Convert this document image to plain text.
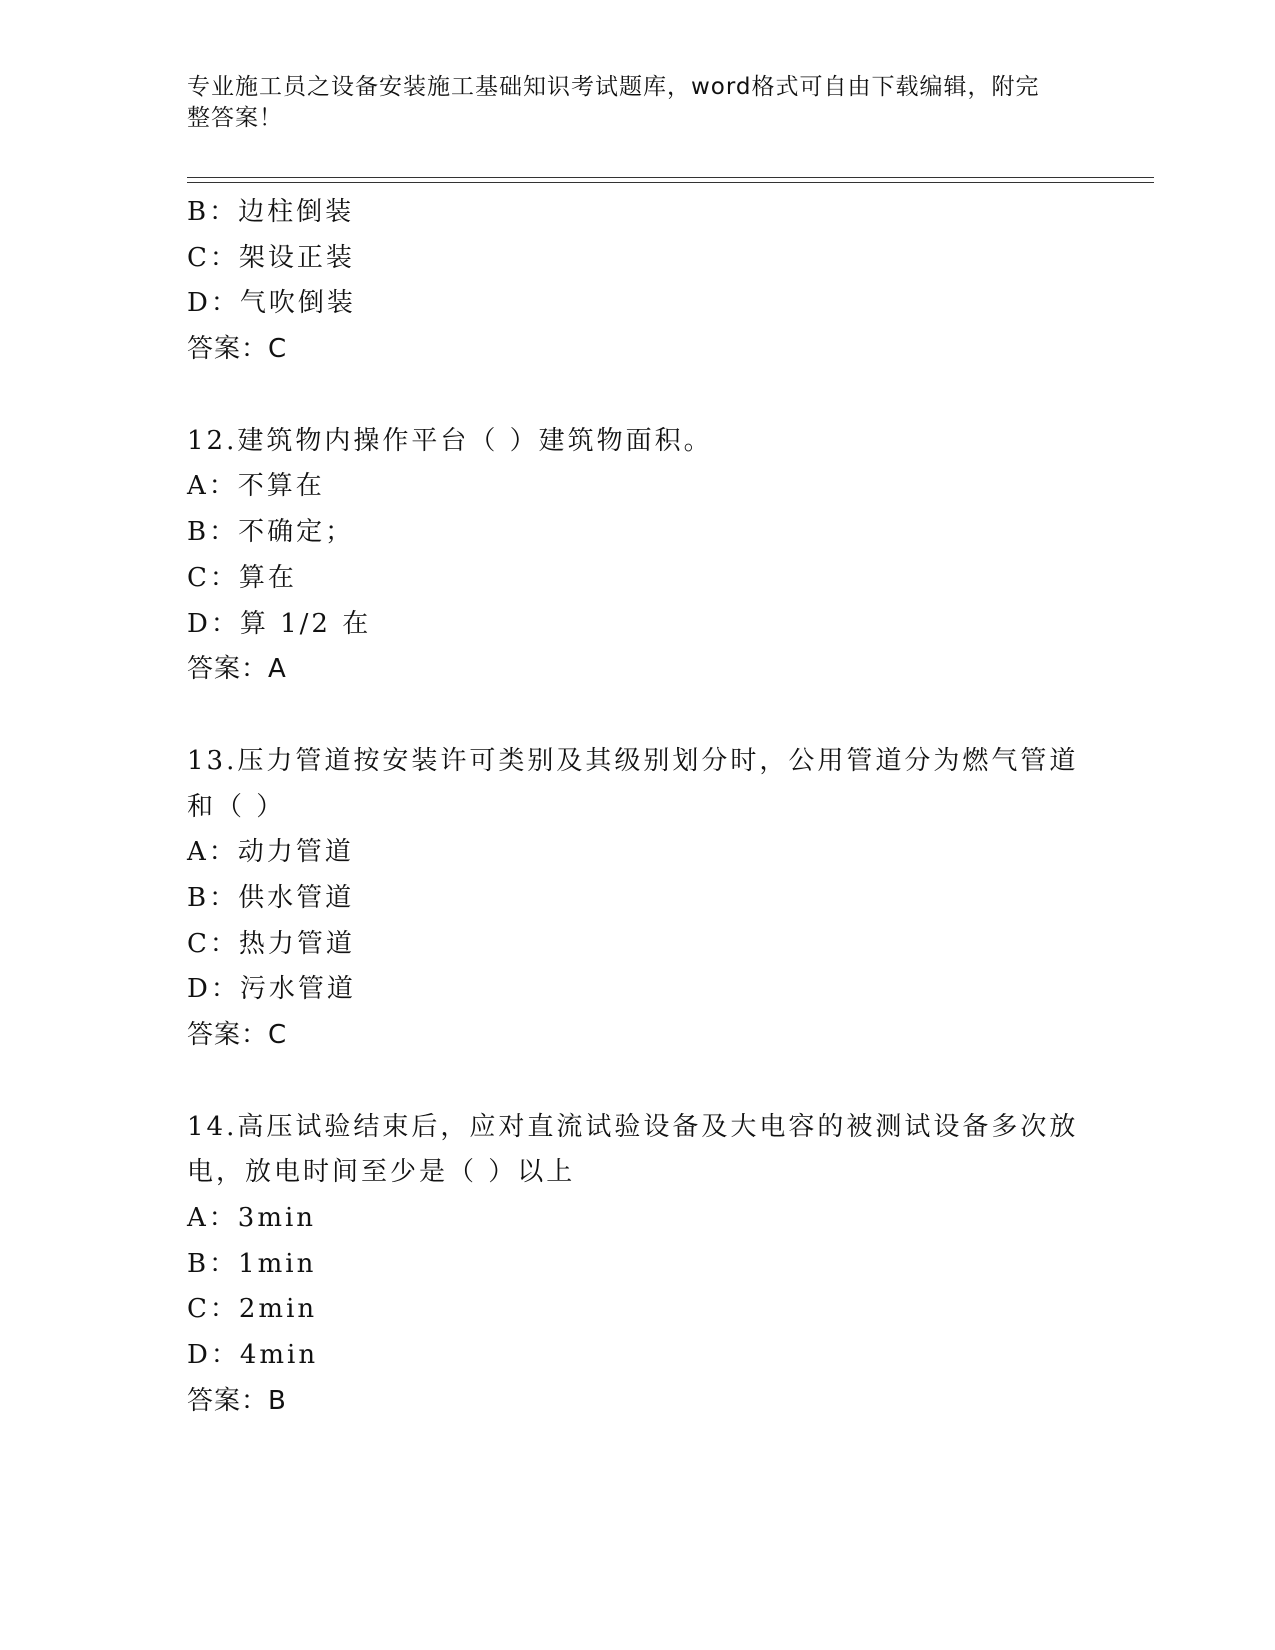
专业施工员之设备安装施工基础知识考试题库，word格式可自由下载编辑，附完
整答案！
B：边柱倒装
C：架设正装
D：气吹倒装
答案：C
12.建筑物内操作平台（ ）建筑物面积。
A：不算在
B：不确定；
C：算在
D：算 1/2 在
答案：A
13.压力管道按安装许可类别及其级别划分时，公用管道分为燃气管道
和（ ）
A：动力管道
B：供水管道
C：热力管道
D：污水管道
答案：C
14.高压试验结束后，应对直流试验设备及大电容的被测试设备多次放
电，放电时间至少是（ ）以上
A：3min
B：1min
C：2min
D：4min
答案：B
